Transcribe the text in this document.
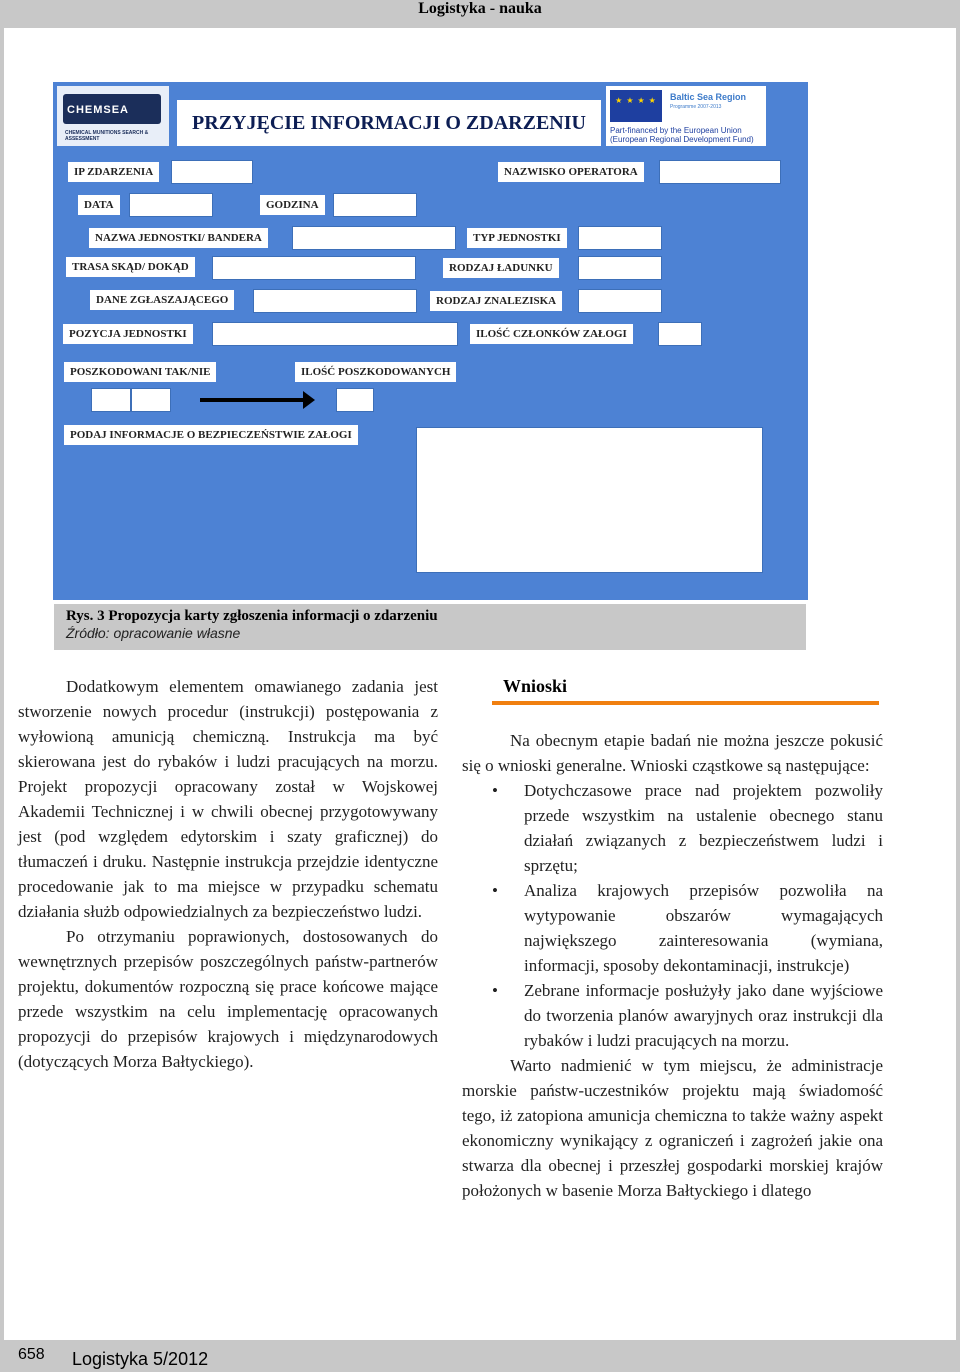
Logistyka - nauka
CHEMSEA
CHEMICAL MUNITIONS SEARCH & ASSESSMENT
PRZYJĘCIE INFORMACJI O ZDARZENIU
★ ★ ★ ★	Baltic Sea Region
Programme 2007-2013
Part-financed by the European Union (European Regional Development Fund)
IP ZDARZENIA	NAZWISKO OPERATORA
DATA	GODZINA
NAZWA JEDNOSTKI/ BANDERA	TYP JEDNOSTKI
TRASA SKĄD/ DOKĄD	RODZAJ ŁADUNKU
DANE ZGŁASZAJĄCEGO	RODZAJ ZNALEZISKA
POZYCJA JEDNOSTKI	ILOŚĆ CZŁONKÓW ZAŁOGI
POSZKODOWANI TAK/NIE	ILOŚĆ POSZKODOWANYCH
PODAJ INFORMACJE O BEZPIECZEŃSTWIE ZAŁOGI
Rys. 3 Propozycja karty zgłoszenia informacji o zdarzeniu
Źródło: opracowanie własne

Dodatkowym elementem omawianego zadania jest stworzenie nowych procedur (instrukcji) postępowania z wyłowioną amunicją chemiczną. Instrukcja ma być skierowana jest do rybaków i ludzi pracujących na morzu. Projekt propozycji opracowany został w Wojskowej Akademii Technicznej i w chwili obecnej przygotowywany jest (pod względem edytorskim i szaty graficznej) do tłumaczeń i druku. Następnie instrukcja przejdzie identyczne procedowanie jak to ma miejsce w przypadku schematu działania służb odpowiedzialnych za bezpieczeństwo ludzi.

Po otrzymaniu poprawionych, dostosowanych do wewnętrznych przepisów poszczególnych państw-partnerów projektu, dokumentów rozpoczną się prace końcowe mające przede wszystkim na celu implementację opracowanych propozycji do przepisów krajowych i międzynarodowych (dotyczących Morza Bałtyckiego).

Wnioski

Na obecnym etapie badań nie można jeszcze pokusić się o wnioski generalne. Wnioski cząstkowe są następujące:

• Dotychczasowe prace nad projektem pozwoliły przede wszystkim na ustalenie obecnego stanu działań związanych z bezpieczeństwem ludzi i sprzętu;
• Analiza krajowych przepisów pozwoliła na wytypowanie obszarów wymagających największego zainteresowania (wymiana, informacji, sposoby dekontaminacji, instrukcje)
• Zebrane informacje posłużyły jako dane wyjściowe do tworzenia planów awaryjnych oraz instrukcji dla rybaków i ludzi pracujących na morzu.

Warto nadmienić w tym miejscu, że administracje morskie państw-uczestników projektu mają świadomość tego, iż zatopiona amunicja chemiczna to także ważny aspekt ekonomiczny wynikający z ograniczeń i zagrożeń jakie ona stwarza dla obecnej i przeszłej gospodarki morskiej krajów położonych w basenie Morza Bałtyckiego i dlatego

658 Logistyka 5/2012
